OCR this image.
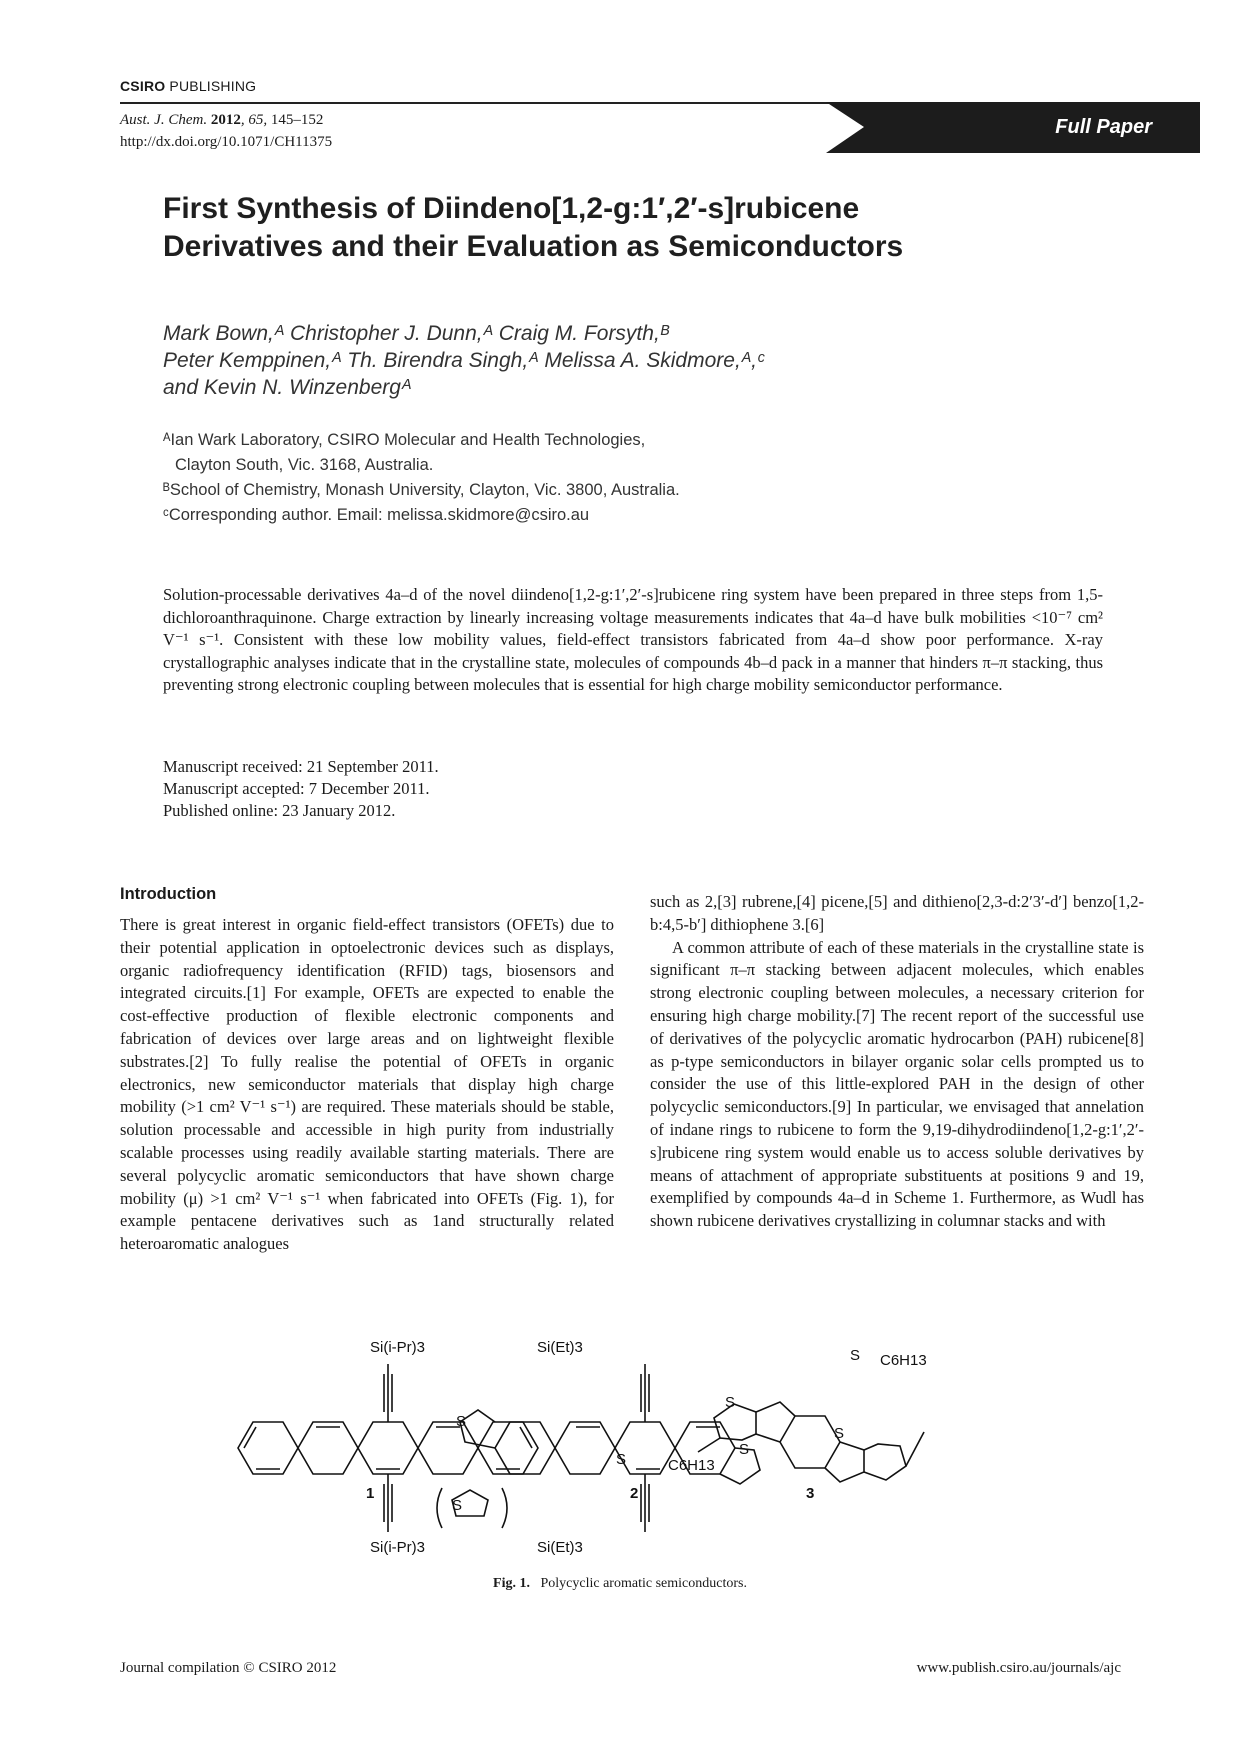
CSIRO PUBLISHING
Aust. J. Chem. 2012, 65, 145–152
http://dx.doi.org/10.1071/CH11375
Full Paper
First Synthesis of Diindeno[1,2-g:1′,2′-s]rubicene
Derivatives and their Evaluation as Semiconductors
Mark Bown,ᴬ Christopher J. Dunn,ᴬ Craig M. Forsyth,ᴮ
Peter Kemppinen,ᴬ Th. Birendra Singh,ᴬ Melissa A. Skidmore,ᴬ,ᶜ
and Kevin N. Winzenbergᴬ
ᴬIan Wark Laboratory, CSIRO Molecular and Health Technologies,
Clayton South, Vic. 3168, Australia.
ᴮSchool of Chemistry, Monash University, Clayton, Vic. 3800, Australia.
ᶜCorresponding author. Email: melissa.skidmore@csiro.au
Solution-processable derivatives 4a–d of the novel diindeno[1,2-g:1′,2′-s]rubicene ring system have been prepared in three steps from 1,5-dichloroanthraquinone. Charge extraction by linearly increasing voltage measurements indicates that 4a–d have bulk mobilities <10⁻⁷ cm² V⁻¹ s⁻¹. Consistent with these low mobility values, field-effect transistors fabricated from 4a–d show poor performance. X-ray crystallographic analyses indicate that in the crystalline state, molecules of compounds 4b–d pack in a manner that hinders π–π stacking, thus preventing strong electronic coupling between molecules that is essential for high charge mobility semiconductor performance.
Manuscript received: 21 September 2011.
Manuscript accepted: 7 December 2011.
Published online: 23 January 2012.
Introduction

There is great interest in organic field-effect transistors (OFETs) due to their potential application in optoelectronic devices such as displays, organic radiofrequency identification (RFID) tags, biosensors and integrated circuits.[1] For example, OFETs are expected to enable the cost-effective production of flexible electronic components and fabrication of devices over large areas and on lightweight flexible substrates.[2] To fully realise the potential of OFETs in organic electronics, new semiconductor materials that display high charge mobility (>1 cm² V⁻¹ s⁻¹) are required. These materials should be stable, solution processable and accessible in high purity from industrially scalable processes using readily available starting materials. There are several polycyclic aromatic semiconductors that have shown charge mobility (μ) >1 cm² V⁻¹ s⁻¹ when fabricated into OFETs (Fig. 1), for example pentacene derivatives such as 1and structurally related heteroaromatic analogues

such as 2,[3] rubrene,[4] picene,[5] and dithieno[2,3-d:2′3′-d′] benzo[1,2-b:4,5-b′] dithiophene 3.[6]

A common attribute of each of these materials in the crystalline state is significant π–π stacking between adjacent molecules, which enables strong electronic coupling between molecules, a necessary criterion for ensuring high charge mobility.[7] The recent report of the successful use of derivatives of the polycyclic aromatic hydrocarbon (PAH) rubicene[8] as p-type semiconductors in bilayer organic solar cells prompted us to consider the use of this little-explored PAH in the design of other polycyclic semiconductors.[9] In particular, we envisaged that annelation of indane rings to rubicene to form the 9,19-dihydrodiindeno[1,2-g:1′,2′-s]rubicene ring system would enable us to access soluble derivatives by means of attachment of appropriate substituents at positions 9 and 19, exemplified by compounds 4a–d in Scheme 1. Furthermore, as Wudl has shown rubicene derivatives crystallizing in columnar stacks and with

Si(i-Pr)3
Si(i-Pr)3
1
Si(Et)3
Si(Et)3
S
S
S
2
C6H13
C6H13
S
S
S
S
3
Fig. 1. Polycyclic aromatic semiconductors.
Journal compilation © CSIRO 2012	www.publish.csiro.au/journals/ajc
